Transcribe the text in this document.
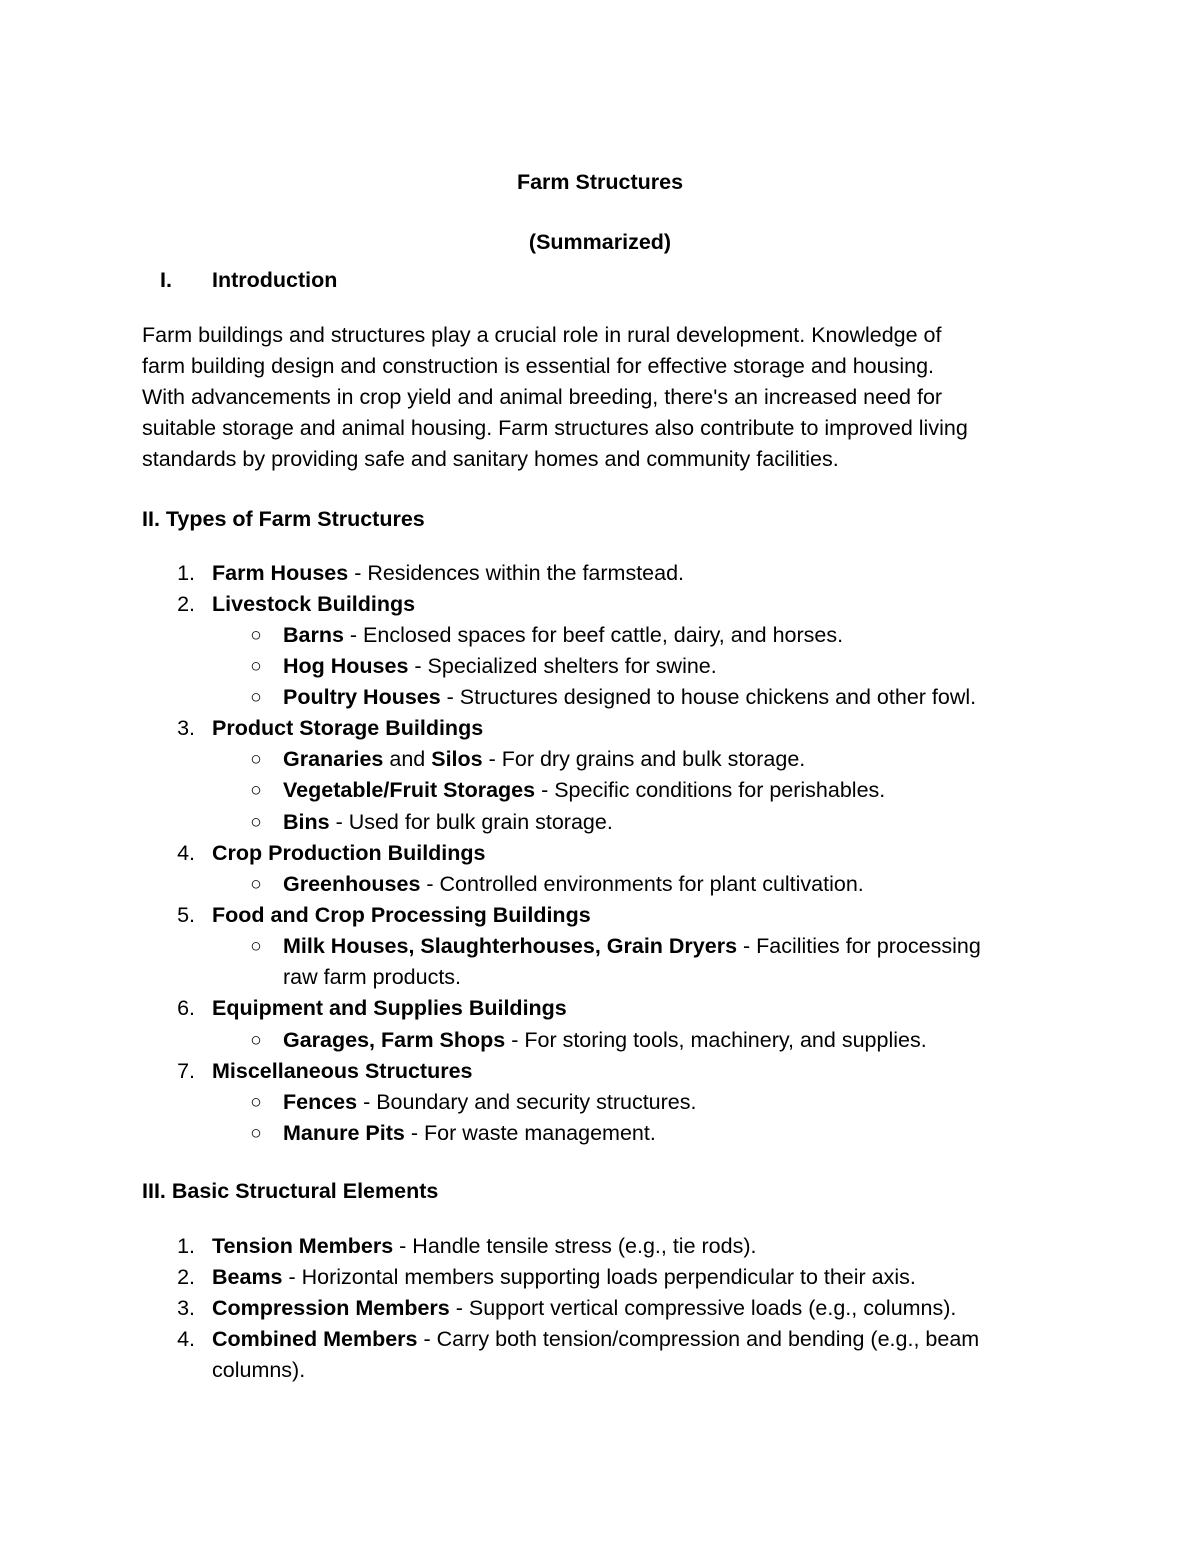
Farm Structures
(Summarized)
I. Introduction
Farm buildings and structures play a crucial role in rural development. Knowledge of
farm building design and construction is essential for effective storage and housing.
With advancements in crop yield and animal breeding, there's an increased need for
suitable storage and animal housing. Farm structures also contribute to improved living
standards by providing safe and sanitary homes and community facilities.
II. Types of Farm Structures
1. Farm Houses - Residences within the farmstead.
2. Livestock Buildings
○ Barns - Enclosed spaces for beef cattle, dairy, and horses.
○ Hog Houses - Specialized shelters for swine.
○ Poultry Houses - Structures designed to house chickens and other fowl.
3. Product Storage Buildings
○ Granaries and Silos - For dry grains and bulk storage.
○ Vegetable/Fruit Storages - Specific conditions for perishables.
○ Bins - Used for bulk grain storage.
4. Crop Production Buildings
○ Greenhouses - Controlled environments for plant cultivation.
5. Food and Crop Processing Buildings
○ Milk Houses, Slaughterhouses, Grain Dryers - Facilities for processing
raw farm products.
6. Equipment and Supplies Buildings
○ Garages, Farm Shops - For storing tools, machinery, and supplies.
7. Miscellaneous Structures
○ Fences - Boundary and security structures.
○ Manure Pits - For waste management.
III. Basic Structural Elements
1. Tension Members - Handle tensile stress (e.g., tie rods).
2. Beams - Horizontal members supporting loads perpendicular to their axis.
3. Compression Members - Support vertical compressive loads (e.g., columns).
4. Combined Members - Carry both tension/compression and bending (e.g., beam
columns).
